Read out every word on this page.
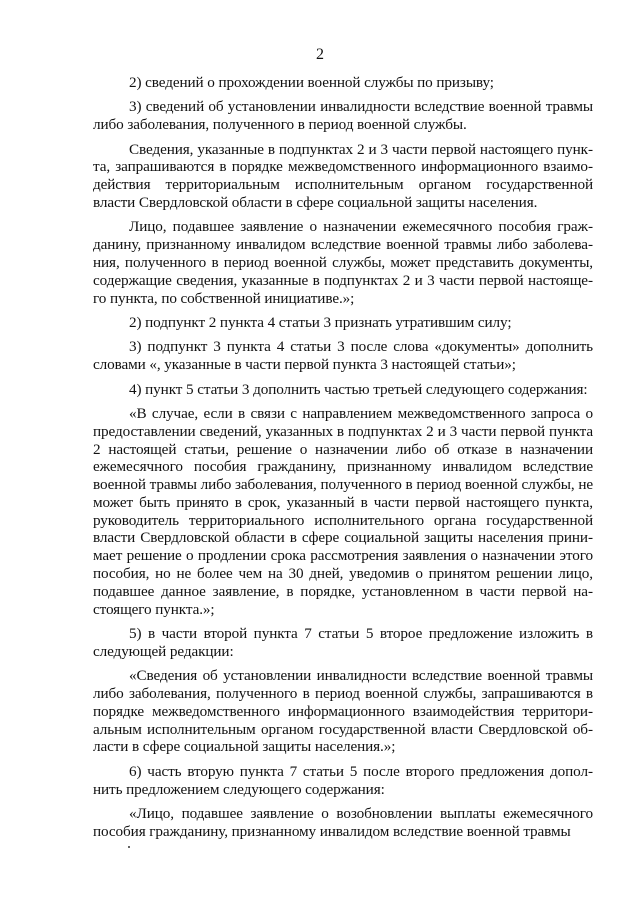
2

2) сведений о прохождении военной службы по призыву;

3) сведений об установлении инвалидности вследствие военной травмы либо заболевания, полученного в период военной службы.

Сведения, указанные в подпунктах 2 и 3 части первой настоящего пункта, запрашиваются в порядке межведомственного информационного взаимодействия территориальным исполнительным органом государственной власти Свердловской области в сфере социальной защиты населения.

Лицо, подавшее заявление о назначении ежемесячного пособия гражданину, признанному инвалидом вследствие военной травмы либо заболевания, полученного в период военной службы, может представить документы, содержащие сведения, указанные в подпунктах 2 и 3 части первой настоящего пункта, по собственной инициативе.»;

2) подпункт 2 пункта 4 статьи 3 признать утратившим силу;

3) подпункт 3 пункта 4 статьи 3 после слова «документы» дополнить словами «, указанные в части первой пункта 3 настоящей статьи»;

4) пункт 5 статьи 3 дополнить частью третьей следующего содержания:

«В случае, если в связи с направлением межведомственного запроса о предоставлении сведений, указанных в подпунктах 2 и 3 части первой пункта 2 настоящей статьи, решение о назначении либо об отказе в назначении ежемесячного пособия гражданину, признанному инвалидом вследствие военной травмы либо заболевания, полученного в период военной службы, не может быть принято в срок, указанный в части первой настоящего пункта, руководитель территориального исполнительного органа государственной власти Свердловской области в сфере социальной защиты населения принимает решение о продлении срока рассмотрения заявления о назначении этого пособия, но не более чем на 30 дней, уведомив о принятом решении лицо, подавшее данное заявление, в порядке, установленном в части первой настоящего пункта.»;

5) в части второй пункта 7 статьи 5 второе предложение изложить в следующей редакции:

«Сведения об установлении инвалидности вследствие военной травмы либо заболевания, полученного в период военной службы, запрашиваются в порядке межведомственного информационного взаимодействия территориальным исполнительным органом государственной власти Свердловской области в сфере социальной защиты населения.»;

6) часть вторую пункта 7 статьи 5 после второго предложения дополнить предложением следующего содержания:

«Лицо, подавшее заявление о возобновлении выплаты ежемесячного пособия гражданину, признанному инвалидом вследствие военной травмы
